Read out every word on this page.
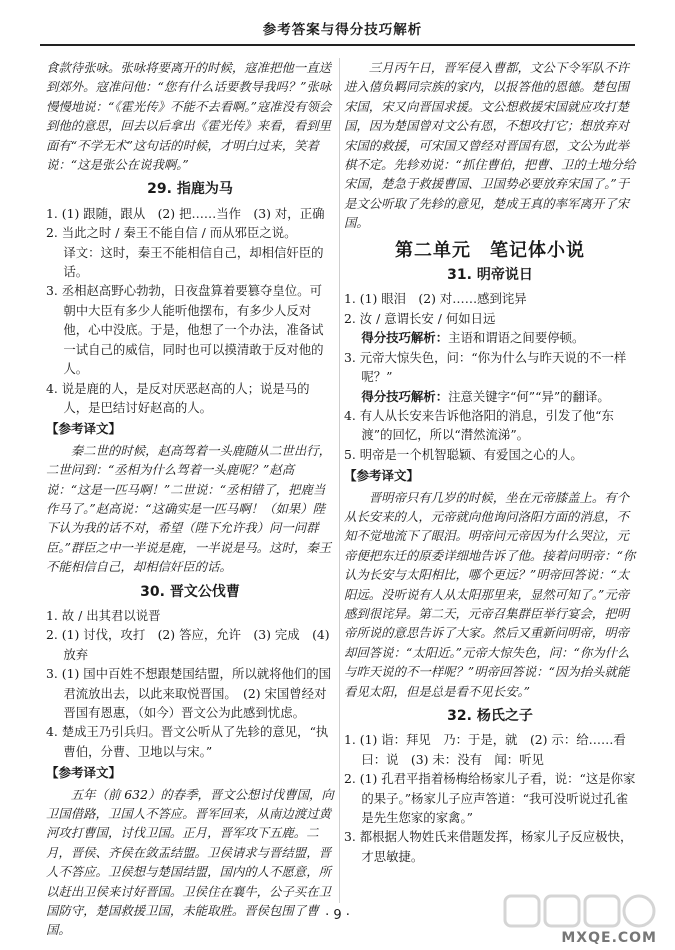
参考答案与得分技巧解析

食款待张咏。张咏将要离开的时候，寇准把他一直送到郊外。寇准问他：“您有什么话要教导我吗？”张咏慢慢地说：“《霍光传》不能不去看啊。”寇准没有领会到他的意思，回去以后拿出《霍光传》来看，看到里面有“不学无术”这句话的时候，才明白过来，笑着说：“这是张公在说我啊。”

29. 指鹿为马

1. (1) 跟随，跟从　(2) 把……当作　(3) 对，正确

2. 当此之时 / 秦王不能自信 / 而从邪臣之说。

译文：这时，秦王不能相信自己，却相信奸臣的话。

3. 丞相赵高野心勃勃，日夜盘算着要篡夺皇位。可朝中大臣有多少人能听他摆布，有多少人反对他，心中没底。于是，他想了一个办法，准备试一试自己的威信，同时也可以摸清敢于反对他的人。

4. 说是鹿的人，是反对厌恶赵高的人；说是马的人，是巴结讨好赵高的人。

【参考译文】

秦二世的时候，赵高驾着一头鹿随从二世出行，二世问到：“丞相为什么驾着一头鹿呢？”赵高说：“这是一匹马啊！”二世说：“丞相错了，把鹿当作马了。”赵高说：“这确实是一匹马啊！（如果）陛下认为我的话不对，希望（陛下允许我）问一问群臣。”群臣之中一半说是鹿，一半说是马。这时，秦王不能相信自己，却相信奸臣的话。

30. 晋文公伐曹

1. 故 / 出其君以说晋

2. (1) 讨伐，攻打　(2) 答应，允许　(3) 完成　(4) 放弃

3. (1) 国中百姓不想跟楚国结盟，所以就将他们的国君流放出去，以此来取悦晋国。　(2) 宋国曾经对晋国有恩惠，（如今）晋文公为此感到忧虑。

4. 楚成王乃引兵归。晋文公听从了先轸的意见，“执曹伯，分曹、卫地以与宋。”

【参考译文】

五年（前 632）的春季，晋文公想讨伐曹国，向卫国借路，卫国人不答应。晋军回来，从南边渡过黄河攻打曹国，讨伐卫国。正月，晋军攻下五鹿。二月，晋侯、齐侯在敛盂结盟。卫侯请求与晋结盟，晋人不答应。卫侯想与楚国结盟，国内的人不愿意，所以赶出卫侯来讨好晋国。卫侯住在襄牛，公子买在卫国防守，楚国救援卫国，未能取胜。晋侯包围了曹国。

三月丙午日，晋军侵入曹都，文公下令军队不许进入僖负羁同宗族的家内，以报答他的恩德。楚包围宋国，宋又向晋国求援。文公想救援宋国就应攻打楚国，因为楚国曾对文公有恩，不想攻打它；想放弃对宋国的救援，可宋国又曾经对晋国有恩，文公为此举棋不定。先轸劝说：“抓住曹伯，把曹、卫的土地分给宋国，楚急于救援曹国、卫国势必要放弃宋国了。”于是文公听取了先轸的意见，楚成王真的率军离开了宋国。

第二单元　笔记体小说
31. 明帝说日

1. (1) 眼泪　(2) 对……感到诧异

2. 汝 / 意谓长安 / 何如日远

得分技巧解析：主语和谓语之间要停顿。

3. 元帝大惊失色，问：“你为什么与昨天说的不一样呢？”

得分技巧解析：注意关键字“何”“异”的翻译。

4. 有人从长安来告诉他洛阳的消息，引发了他“东渡”的回忆，所以“潸然流涕”。

5. 明帝是一个机智聪颖、有爱国之心的人。

【参考译文】

晋明帝只有几岁的时候，坐在元帝膝盖上。有个从长安来的人，元帝就向他询问洛阳方面的消息，不知不觉地流下了眼泪。明帝问元帝因为什么哭泣，元帝便把东迁的原委详细地告诉了他。接着问明帝：“你认为长安与太阳相比，哪个更远？”明帝回答说：“太阳远。没听说有人从太阳那里来，显然可知了。”元帝感到很诧异。第二天，元帝召集群臣举行宴会，把明帝所说的意思告诉了大家。然后又重新问明帝，明帝却回答说：“太阳近。”元帝大惊失色，问：“你为什么与昨天说的不一样呢？”明帝回答说：“因为抬头就能看见太阳，但是总是看不见长安。”

32. 杨氏之子

1. (1) 诣：拜见　乃：于是，就　(2) 示：给……看　曰：说　(3) 未：没有　闻：听见

2. (1) 孔君平指着杨梅给杨家儿子看，说：“这是你家的果子。”杨家儿子应声答道：“我可没听说过孔雀是先生您家的家禽。”

3. 都根据人物姓氏来借题发挥，杨家儿子反应极快，才思敏捷。

· 9 ·
MXQE.COM
